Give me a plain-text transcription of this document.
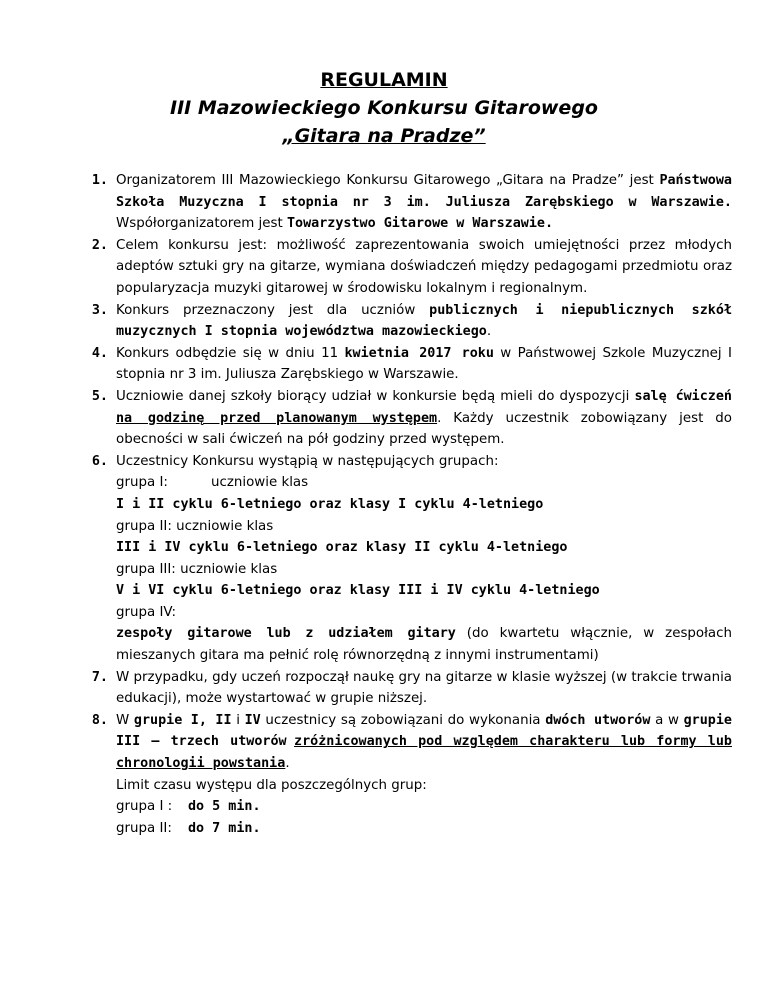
REGULAMIN
III Mazowieckiego Konkursu Gitarowego
„Gitara na Pradze”
1. Organizatorem III Mazowieckiego Konkursu Gitarowego „Gitara na Pradze” jest Państwowa Szkoła Muzyczna I stopnia nr 3 im. Juliusza Zarębskiego w Warszawie. Współorganizatorem jest Towarzystwo Gitarowe w Warszawie.
2. Celem konkursu jest: możliwość zaprezentowania swoich umiejętności przez młodych adeptów sztuki gry na gitarze, wymiana doświadczeń między pedagogami przedmiotu oraz popularyzacja muzyki gitarowej w środowisku lokalnym i regionalnym.
3. Konkurs przeznaczony jest dla uczniów publicznych i niepublicznych szkół muzycznych I stopnia województwa mazowieckiego.
4. Konkurs odbędzie się w dniu 11 kwietnia 2017 roku w Państwowej Szkole Muzycznej I stopnia nr 3 im. Juliusza Zarębskiego w Warszawie.
5. Uczniowie danej szkoły biorący udział w konkursie będą mieli do dyspozycji salę ćwiczeń na godzinę przed planowanym występem. Każdy uczestnik zobowiązany jest do obecności w sali ćwiczeń na pół godziny przed występem.
6. Uczestnicy Konkursu wystąpią w następujących grupach:
grupa I:	uczniowie klas
I i II cyklu 6-letniego oraz klasy I cyklu 4-letniego
grupa II: uczniowie klas
III i IV cyklu 6-letniego oraz klasy II cyklu 4-letniego
grupa III: uczniowie klas
V i VI cyklu 6-letniego oraz klasy III i IV cyklu 4-letniego
grupa IV:
zespoły gitarowe lub z udziałem gitary (do kwartetu włącznie, w zespołach mieszanych gitara ma pełnić rolę równorzędną z innymi instrumentami)
7. W przypadku, gdy uczeń rozpoczął naukę gry na gitarze w klasie wyższej (w trakcie trwania edukacji), może wystartować w grupie niższej.
8. W grupie I, II i IV uczestnicy są zobowiązani do wykonania dwóch utworów a w grupie III – trzech utworów zróżnicowanych pod względem charakteru lub formy lub chronologii powstania.
Limit czasu występu dla poszczególnych grup:
grupa I : do 5 min.
grupa II: do 7 min.
